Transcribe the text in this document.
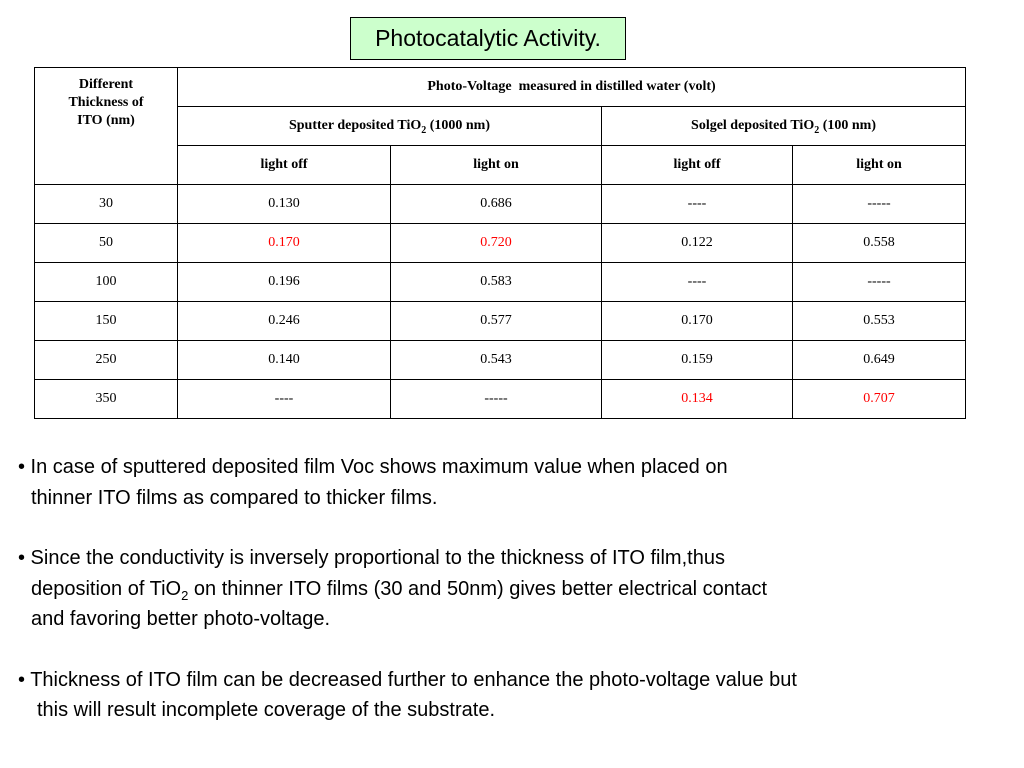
Photocatalytic Activity.
Different
Thickness of
ITO (nm)	Photo-Voltage  measured in distilled water (volt)			
	Sputter deposited TiO$_2$ (1000 nm)		Solgel deposited TiO$_2$ (100 nm)	
	light off	light on	light off	light on
30	0.130	0.686	----	-----
50	0.170	0.720	0.122	0.558
100	0.196	0.583	----	-----
150	0.246	0.577	0.170	0.553
250	0.140	0.543	0.159	0.649
350	----	-----	0.134	0.707

• In case of sputtered deposited film Voc shows maximum value when placed on
thinner ITO films as compared to thicker films.

• Since the conductivity is inversely proportional to the thickness of ITO film,thus
deposition of TiO$_2$ on thinner ITO films (30 and 50nm) gives better electrical contact
and favoring better photo-voltage.

• Thickness of ITO film can be decreased further to enhance the photo-voltage value but
this will result incomplete coverage of the substrate.
